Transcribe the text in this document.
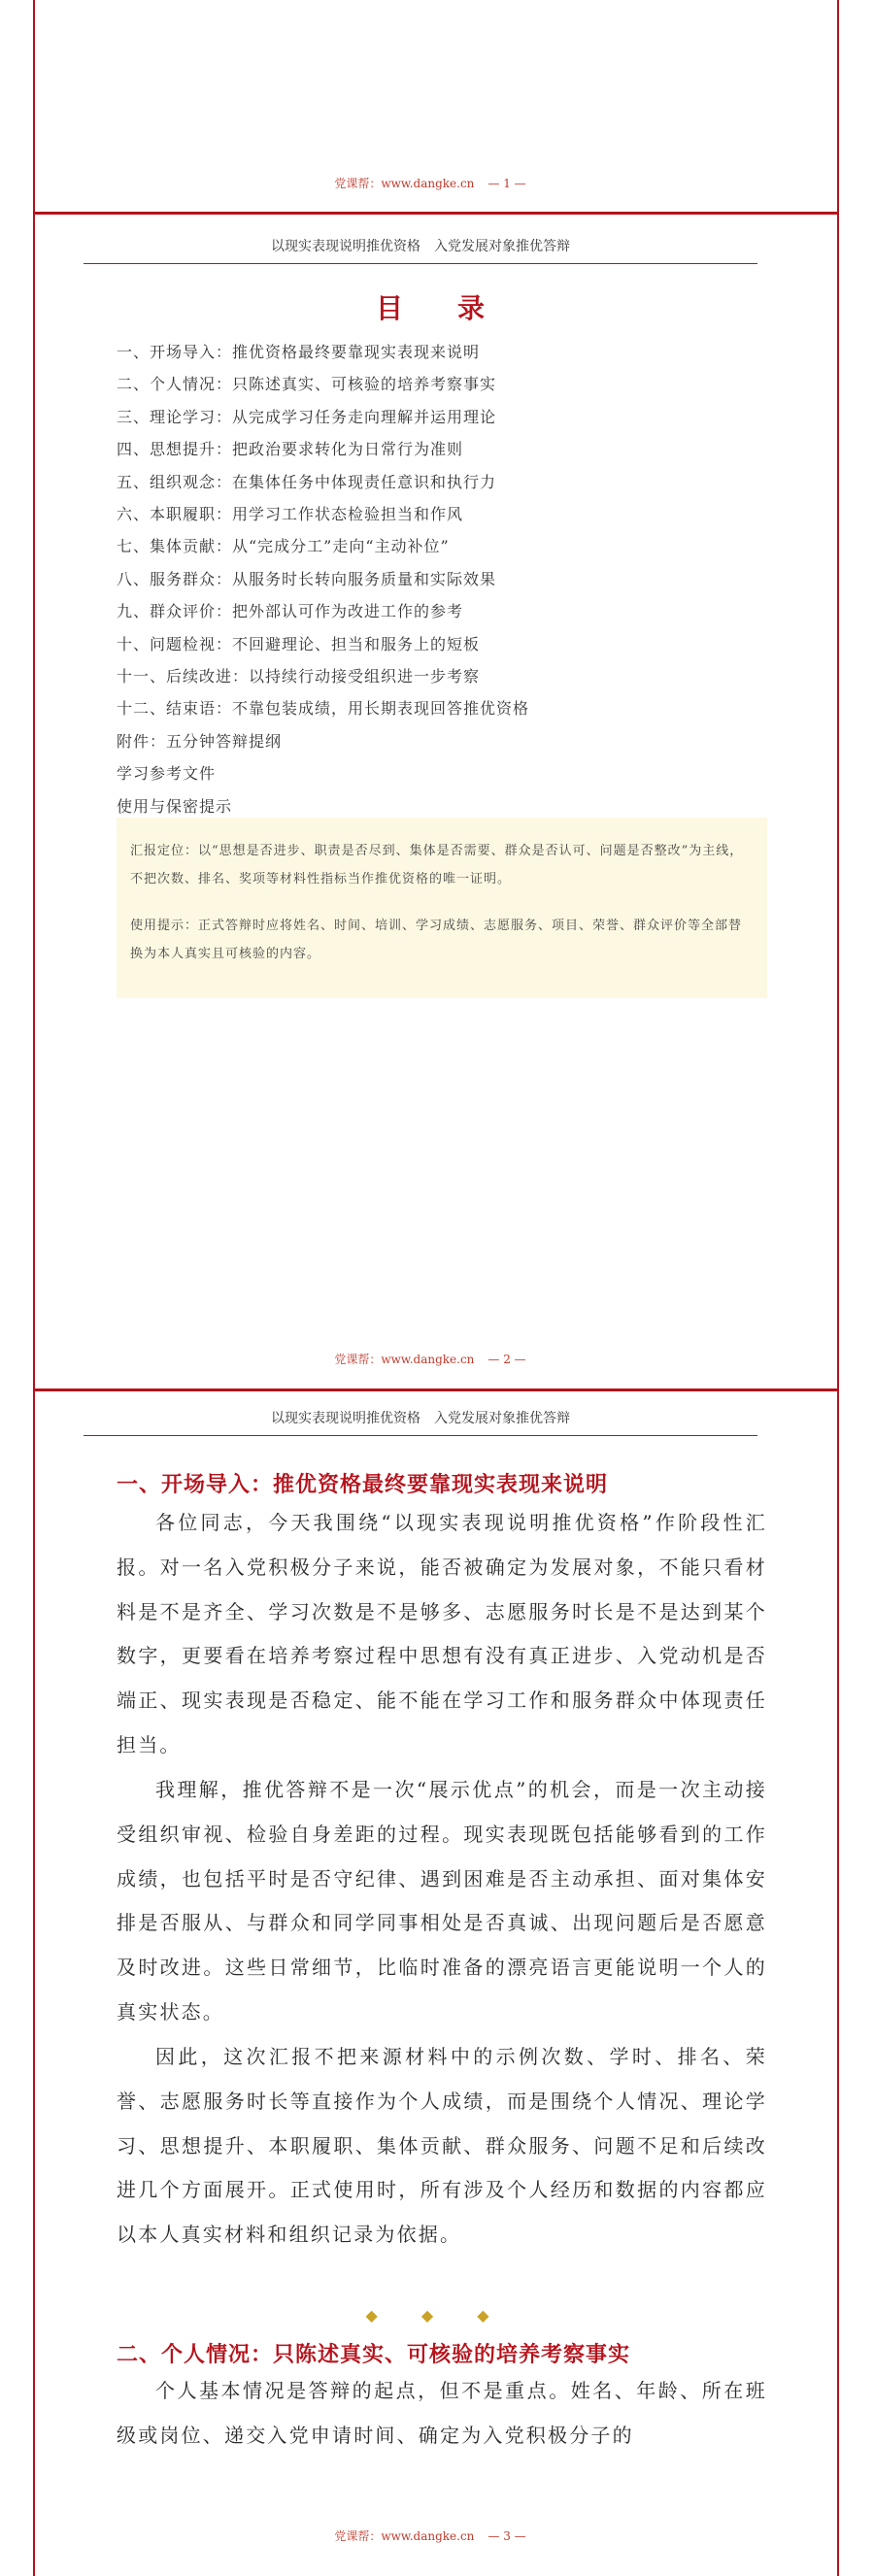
党课帮：www.dangke.cn — 1 —
以现实表现说明推优资格　入党发展对象推优答辩
目　录
一、开场导入：推优资格最终要靠现实表现来说明
二、个人情况：只陈述真实、可核验的培养考察事实
三、理论学习：从完成学习任务走向理解并运用理论
四、思想提升：把政治要求转化为日常行为准则
五、组织观念：在集体任务中体现责任意识和执行力
六、本职履职：用学习工作状态检验担当和作风
七、集体贡献：从“完成分工”走向“主动补位”
八、服务群众：从服务时长转向服务质量和实际效果
九、群众评价：把外部认可作为改进工作的参考
十、问题检视：不回避理论、担当和服务上的短板
十一、后续改进：以持续行动接受组织进一步考察
十二、结束语：不靠包装成绩，用长期表现回答推优资格
附件：五分钟答辩提纲
学习参考文件
使用与保密提示

汇报定位：以“思想是否进步、职责是否尽到、集体是否需要、群众是否认可、问题是否整改”为主线，不把次数、排名、奖项等材料性指标当作推优资格的唯一证明。

使用提示：正式答辩时应将姓名、时间、培训、学习成绩、志愿服务、项目、荣誉、群众评价等全部替换为本人真实且可核验的内容。

党课帮：www.dangke.cn — 2 —
以现实表现说明推优资格　入党发展对象推优答辩
一、开场导入：推优资格最终要靠现实表现来说明

各位同志，今天我围绕“以现实表现说明推优资格”作阶段性汇报。对一名入党积极分子来说，能否被确定为发展对象，不能只看材料是不是齐全、学习次数是不是够多、志愿服务时长是不是达到某个数字，更要看在培养考察过程中思想有没有真正进步、入党动机是否端正、现实表现是否稳定、能不能在学习工作和服务群众中体现责任担当。

我理解，推优答辩不是一次“展示优点”的机会，而是一次主动接受组织审视、检验自身差距的过程。现实表现既包括能够看到的工作成绩，也包括平时是否守纪律、遇到困难是否主动承担、面对集体安排是否服从、与群众和同学同事相处是否真诚、出现问题后是否愿意及时改进。这些日常细节，比临时准备的漂亮语言更能说明一个人的真实状态。

因此，这次汇报不把来源材料中的示例次数、学时、排名、荣誉、志愿服务时长等直接作为个人成绩，而是围绕个人情况、理论学习、思想提升、本职履职、集体贡献、群众服务、问题不足和后续改进几个方面展开。正式使用时，所有涉及个人经历和数据的内容都应以本人真实材料和组织记录为依据。

◆ ◆ ◆
二、个人情况：只陈述真实、可核验的培养考察事实

个人基本情况是答辩的起点，但不是重点。姓名、年龄、所在班级或岗位、递交入党申请时间、确定为入党积极分子的

党课帮：www.dangke.cn — 3 —
